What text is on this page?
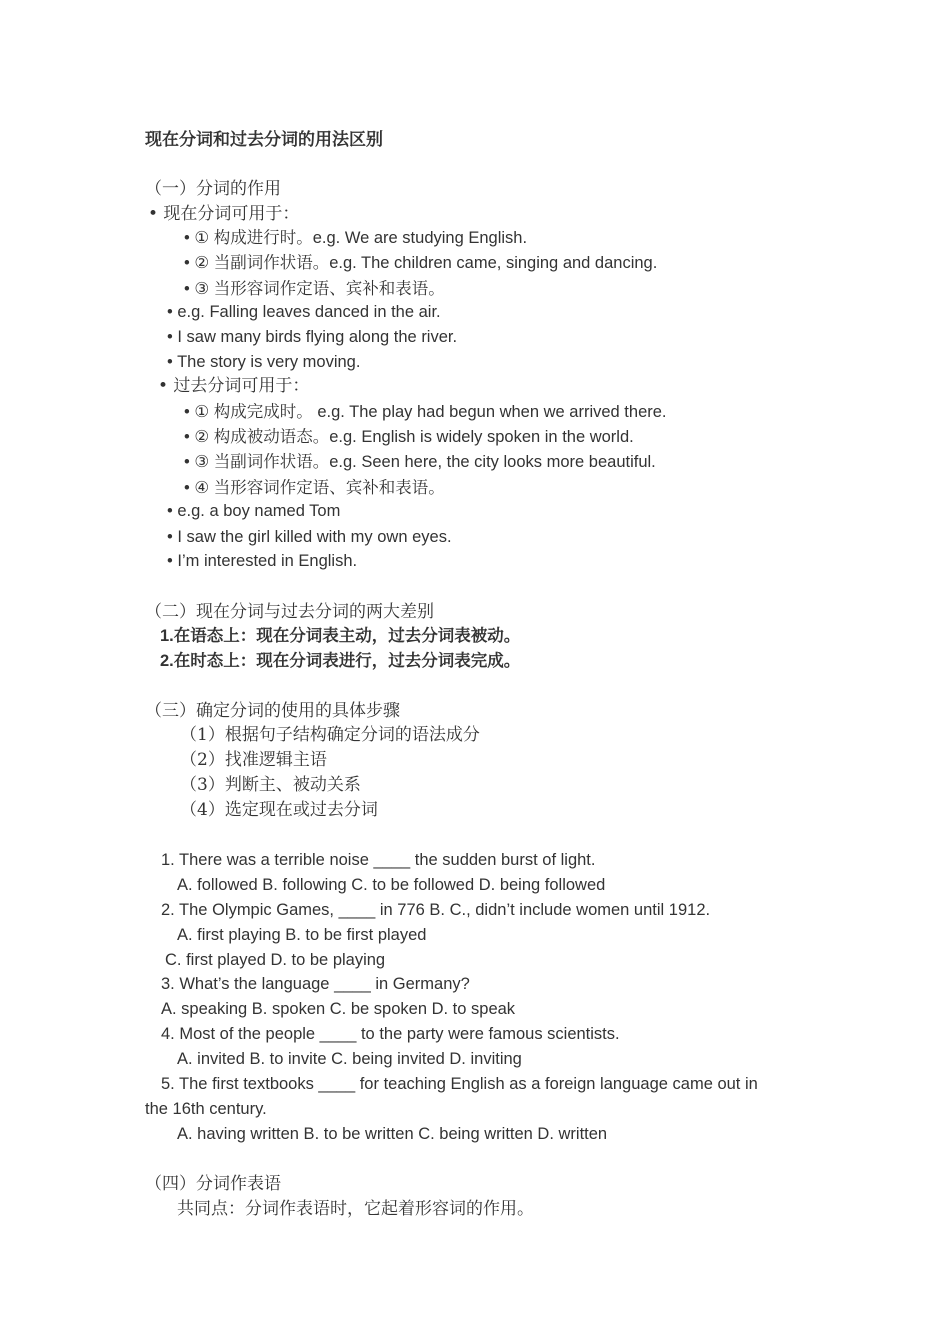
现在分词和过去分词的用法区别
（一）分词的作用
• 现在分词可用于：
• ① 构成进行时。e.g. We are studying English.
• ② 当副词作状语。e.g. The children came, singing and dancing.
• ③ 当形容词作定语、宾补和表语。
• e.g. Falling leaves danced in the air.
• I saw many birds flying along the river.
• The story is very moving.
• 过去分词可用于：
• ① 构成完成时。 e.g. The play had begun when we arrived there.
• ② 构成被动语态。e.g. English is widely spoken in the world.
• ③ 当副词作状语。e.g. Seen here, the city looks more beautiful.
• ④ 当形容词作定语、宾补和表语。
• e.g. a boy named Tom
• I saw the girl killed with my own eyes.
• I’m interested in English.
（二）现在分词与过去分词的两大差别
1.在语态上：现在分词表主动，过去分词表被动。
2.在时态上：现在分词表进行，过去分词表完成。
（三）确定分词的使用的具体步骤
（1）根据句子结构确定分词的语法成分
（2）找准逻辑主语
（3）判断主、被动关系
（4）选定现在或过去分词
1. There was a terrible noise ____ the sudden burst of light.
A. followed B. following C. to be followed D. being followed
2. The Olympic Games, ____ in 776 B. C., didn’t include women until 1912.
A. first playing B. to be first played
C. first played D. to be playing
3. What’s the language ____ in Germany?
A. speaking B. spoken C. be spoken D. to speak
4. Most of the people ____ to the party were famous scientists.
A. invited B. to invite C. being invited D. inviting
5. The first textbooks ____ for teaching English as a foreign language came out in
the 16th century.
A. having written B. to be written C. being written D. written
（四）分词作表语
共同点：分词作表语时，它起着形容词的作用。
